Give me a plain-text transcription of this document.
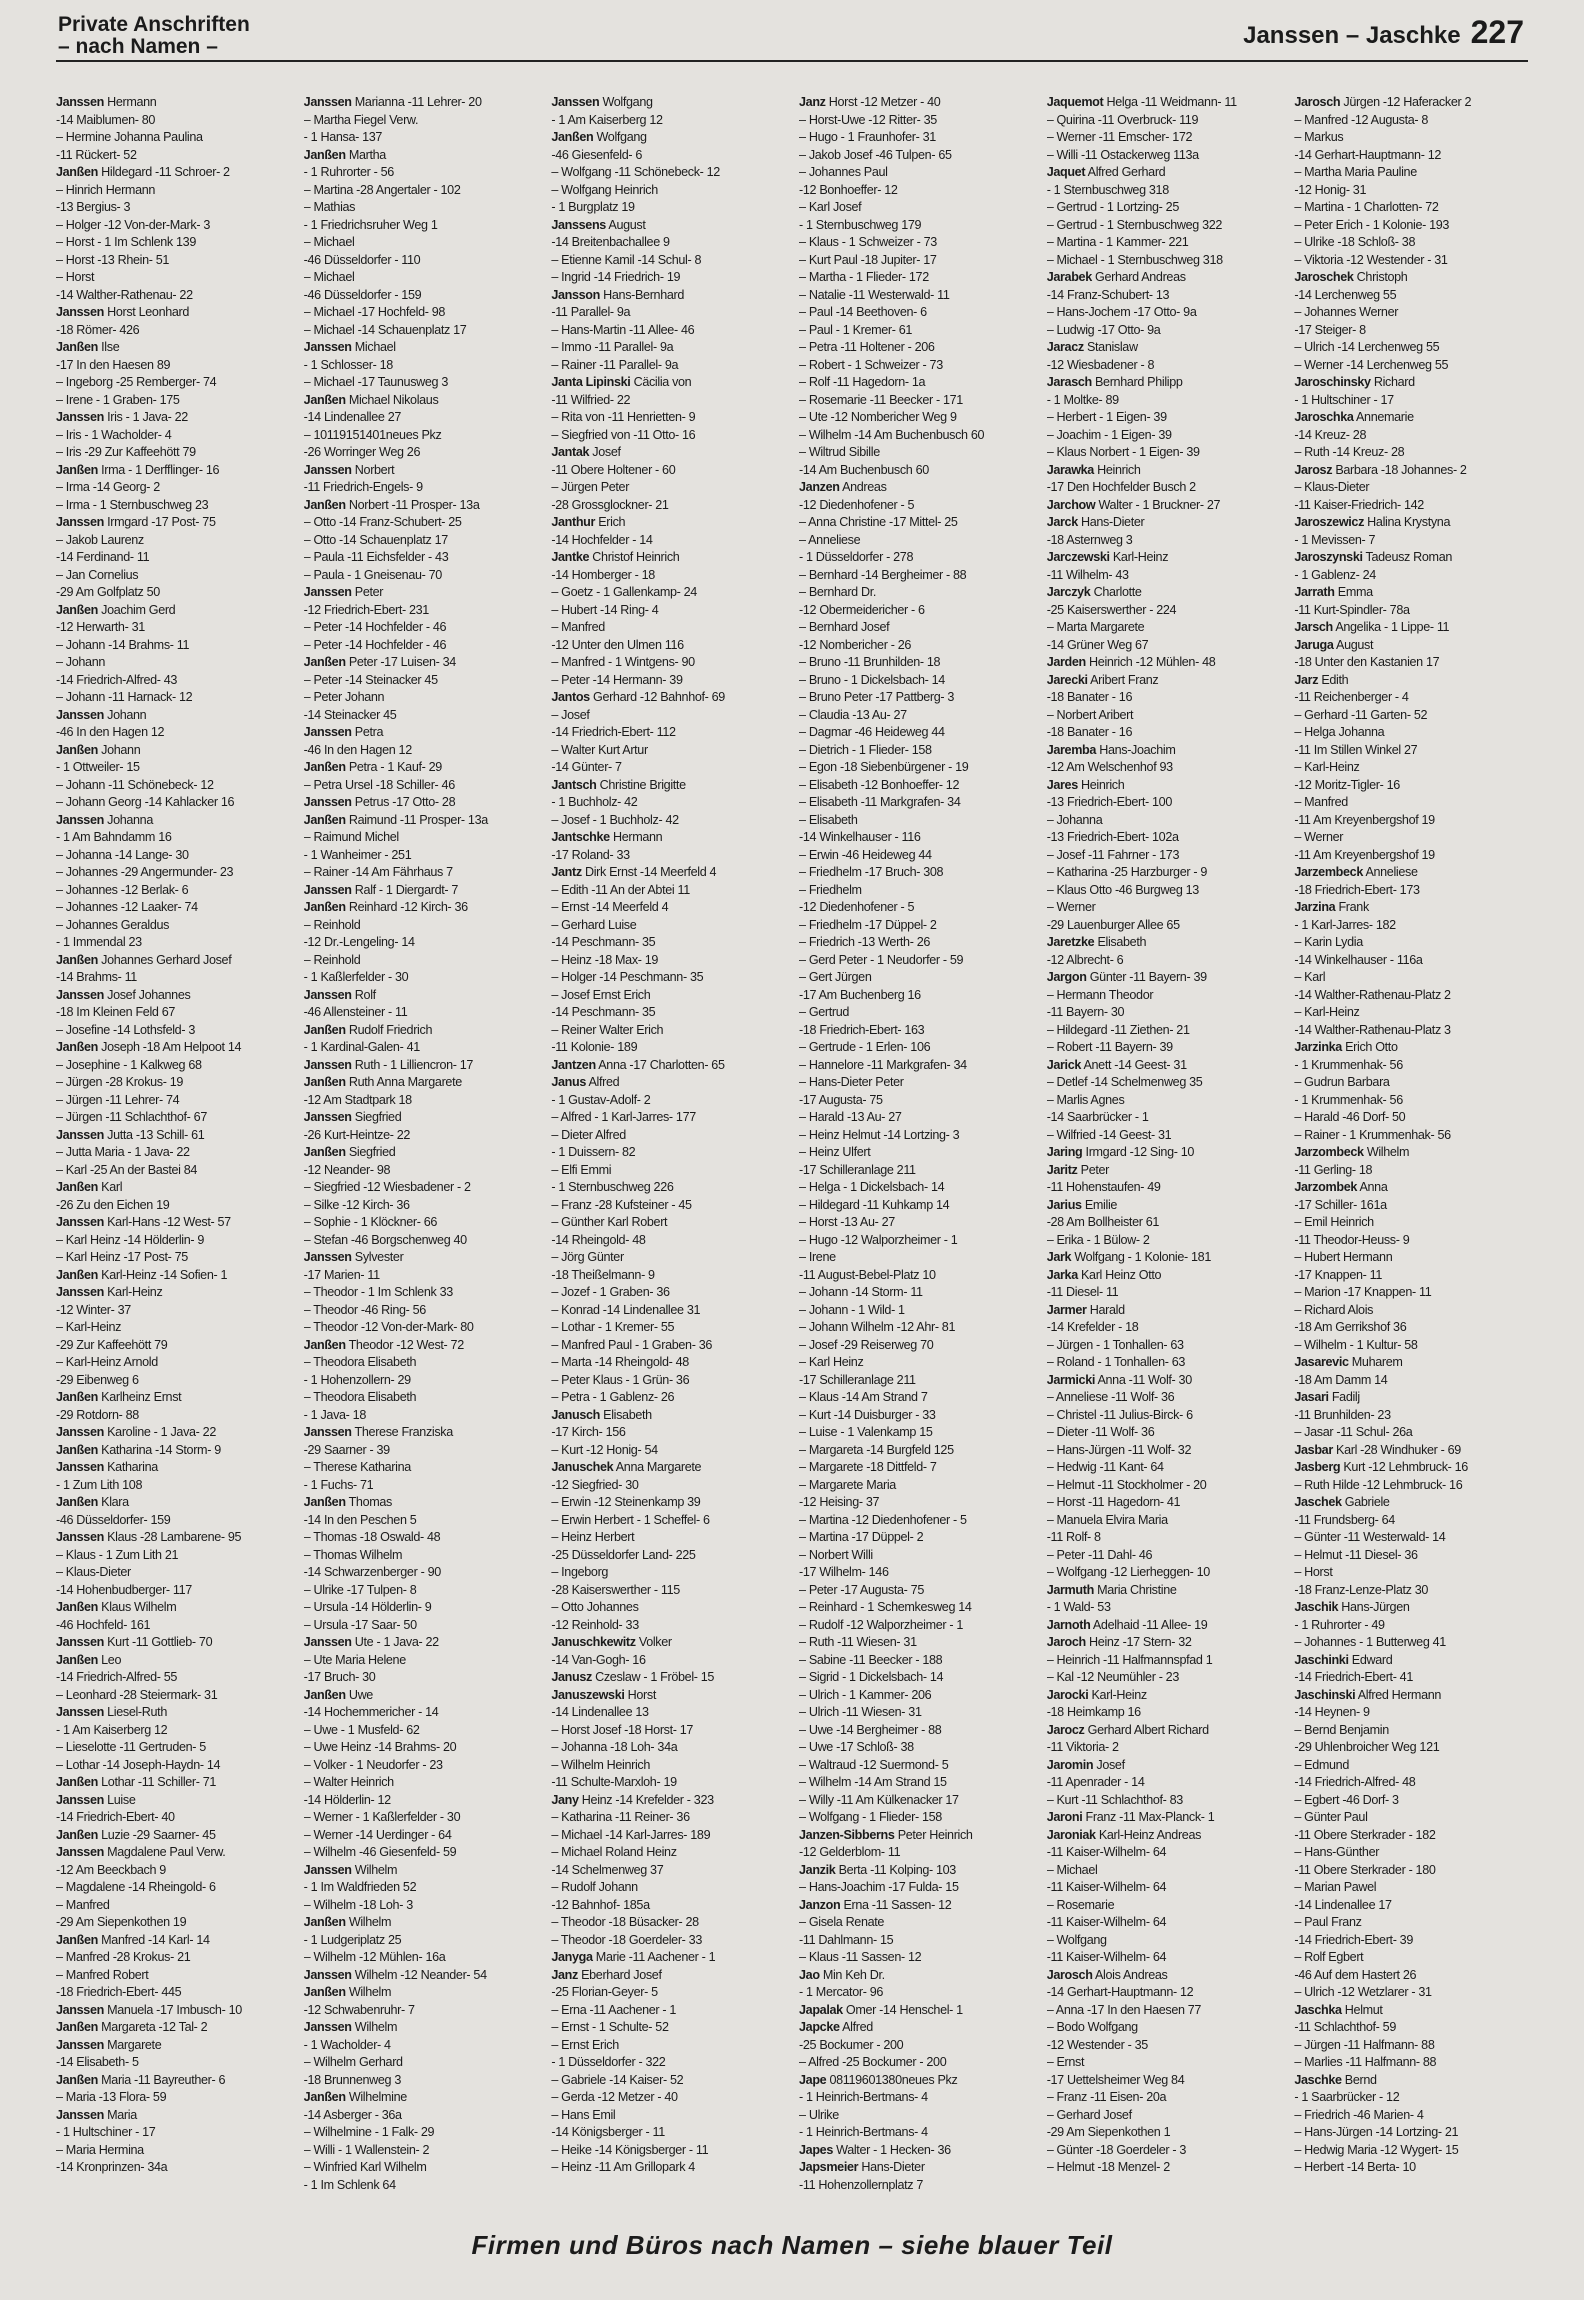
Private Anschriften
– nach Namen –	Janssen – Jaschke 227
Janssen Hermann
-14 Maiblumen- 80
– Hermine Johanna Paulina
-11 Rückert- 52
Janßen Hildegard -11 Schroer- 2
– Hinrich Hermann
-13 Bergius- 3
– Holger -12 Von-der-Mark- 3
– Horst - 1 Im Schlenk 139
– Horst -13 Rhein- 51
– Horst
-14 Walther-Rathenau- 22
Janssen Horst Leonhard
-18 Römer- 426
Janßen Ilse
-17 In den Haesen 89
– Ingeborg -25 Remberger- 74
– Irene - 1 Graben- 175
Janssen Iris - 1 Java- 22
– Iris - 1 Wacholder- 4
– Iris -29 Zur Kaffeehött 79
Janßen Irma - 1 Derfflinger- 16
– Irma -14 Georg- 2
– Irma - 1 Sternbuschweg 23
Janssen Irmgard -17 Post- 75
– Jakob Laurenz
-14 Ferdinand- 11
– Jan Cornelius
-29 Am Golfplatz 50
Janßen Joachim Gerd
-12 Herwarth- 31
– Johann -14 Brahms- 11
– Johann
-14 Friedrich-Alfred- 43
– Johann -11 Harnack- 12
Janssen Johann
-46 In den Hagen 12
Janßen Johann
- 1 Ottweiler- 15
– Johann -11 Schönebeck- 12
– Johann Georg -14 Kahlacker 16
Janssen Johanna
- 1 Am Bahndamm 16
– Johanna -14 Lange- 30
– Johannes -29 Angermunder- 23
– Johannes -12 Berlak- 6
– Johannes -12 Laaker- 74
– Johannes Geraldus
- 1 Immendal 23
Janßen Johannes Gerhard Josef
-14 Brahms- 11
Janssen Josef Johannes
-18 Im Kleinen Feld 67
– Josefine -14 Lothsfeld- 3
Janßen Joseph -18 Am Helpoot 14
– Josephine - 1 Kalkweg 68
– Jürgen -28 Krokus- 19
– Jürgen -11 Lehrer- 74
– Jürgen -11 Schlachthof- 67
Janssen Jutta -13 Schill- 61
– Jutta Maria - 1 Java- 22
– Karl -25 An der Bastei 84
Janßen Karl
-26 Zu den Eichen 19
Janssen Karl-Hans -12 West- 57
– Karl Heinz -14 Hölderlin- 9
– Karl Heinz -17 Post- 75
Janßen Karl-Heinz -14 Sofien- 1
Janssen Karl-Heinz
-12 Winter- 37
– Karl-Heinz
-29 Zur Kaffeehött 79
– Karl-Heinz Arnold
-29 Eibenweg 6
Janßen Karlheinz Ernst
-29 Rotdorn- 88
Janssen Karoline - 1 Java- 22
Janßen Katharina -14 Storm- 9
Janssen Katharina
- 1 Zum Lith 108
Janßen Klara
-46 Düsseldorfer- 159
Janssen Klaus -28 Lambarene- 95
– Klaus - 1 Zum Lith 21
– Klaus-Dieter
-14 Hohenbudberger- 117
Janßen Klaus Wilhelm
-46 Hochfeld- 161
Janssen Kurt -11 Gottlieb- 70
Janßen Leo
-14 Friedrich-Alfred- 55
– Leonhard -28 Steiermark- 31
Janssen Liesel-Ruth
- 1 Am Kaiserberg 12
– Lieselotte -11 Gertruden- 5
– Lothar -14 Joseph-Haydn- 14
Janßen Lothar -11 Schiller- 71
Janssen Luise
-14 Friedrich-Ebert- 40
Janßen Luzie -29 Saarner- 45
Janssen Magdalene Paul Verw.
-12 Am Beeckbach 9
– Magdalene -14 Rheingold- 6
– Manfred
-29 Am Siepenkothen 19
Janßen Manfred -14 Karl- 14
– Manfred -28 Krokus- 21
– Manfred Robert
-18 Friedrich-Ebert- 445
Janssen Manuela -17 Imbusch- 10
Janßen Margareta -12 Tal- 2
Janssen Margarete
-14 Elisabeth- 5
Janßen Maria -11 Bayreuther- 6
– Maria -13 Flora- 59
Janssen Maria
- 1 Hultschiner - 17
– Maria Hermina
-14 Kronprinzen- 34a
Janssen Marianna -11 Lehrer- 20
– Martha Fiegel Verw.
- 1 Hansa- 137
Janßen Martha
- 1 Ruhrorter - 56
– Martina -28 Angertaler - 102
– Mathias
- 1 Friedrichsruher Weg 1
– Michael
-46 Düsseldorfer - 110
– Michael
-46 Düsseldorfer - 159
– Michael -17 Hochfeld- 98
– Michael -14 Schauenplatz 17
Janssen Michael
- 1 Schlosser- 18
– Michael -17 Taunusweg 3
Janßen Michael Nikolaus
-14 Lindenallee 27
– 10119151401neues Pkz
-26 Worringer Weg 26
Janssen Norbert
-11 Friedrich-Engels- 9
Janßen Norbert -11 Prosper- 13a
– Otto -14 Franz-Schubert- 25
– Otto -14 Schauenplatz 17
– Paula -11 Eichsfelder - 43
– Paula - 1 Gneisenau- 70
Janssen Peter
-12 Friedrich-Ebert- 231
– Peter -14 Hochfelder - 46
– Peter -14 Hochfelder - 46
Janßen Peter -17 Luisen- 34
– Peter -14 Steinacker 45
– Peter Johann
-14 Steinacker 45
Janssen Petra
-46 In den Hagen 12
Janßen Petra - 1 Kauf- 29
– Petra Ursel -18 Schiller- 46
Janssen Petrus -17 Otto- 28
Janßen Raimund -11 Prosper- 13a
– Raimund Michel
- 1 Wanheimer - 251
– Rainer -14 Am Fährhaus 7
Janssen Ralf - 1 Diergardt- 7
Janßen Reinhard -12 Kirch- 36
– Reinhold
-12 Dr.-Lengeling- 14
– Reinhold
- 1 Kaßlerfelder - 30
Janssen Rolf
-46 Allensteiner - 11
Janßen Rudolf Friedrich
- 1 Kardinal-Galen- 41
Janssen Ruth - 1 Lilliencron- 17
Janßen Ruth Anna Margarete
-12 Am Stadtpark 18
Janssen Siegfried
-26 Kurt-Heintze- 22
Janßen Siegfried
-12 Neander- 98
– Siegfried -12 Wiesbadener - 2
– Silke -12 Kirch- 36
– Sophie - 1 Klöckner- 66
– Stefan -46 Borgschenweg 40
Janssen Sylvester
-17 Marien- 11
– Theodor - 1 Im Schlenk 33
– Theodor -46 Ring- 56
– Theodor -12 Von-der-Mark- 80
Janßen Theodor -12 West- 72
– Theodora Elisabeth
- 1 Hohenzollern- 29
– Theodora Elisabeth
- 1 Java- 18
Janssen Therese Franziska
-29 Saarner - 39
– Therese Katharina
- 1 Fuchs- 71
Janßen Thomas
-14 In den Peschen 5
– Thomas -18 Oswald- 48
– Thomas Wilhelm
-14 Schwarzenberger - 90
– Ulrike -17 Tulpen- 8
– Ursula -14 Hölderlin- 9
– Ursula -17 Saar- 50
Janssen Ute - 1 Java- 22
– Ute Maria Helene
-17 Bruch- 30
Janßen Uwe
-14 Hochemmericher - 14
– Uwe - 1 Musfeld- 62
– Uwe Heinz -14 Brahms- 20
– Volker - 1 Neudorfer - 23
– Walter Heinrich
-14 Hölderlin- 12
– Werner - 1 Kaßlerfelder - 30
– Werner -14 Uerdinger - 64
– Wilhelm -46 Giesenfeld- 59
Janssen Wilhelm
- 1 Im Waldfrieden 52
– Wilhelm -18 Loh- 3
Janßen Wilhelm
- 1 Ludgeriplatz 25
– Wilhelm -12 Mühlen- 16a
Janssen Wilhelm -12 Neander- 54
Janßen Wilhelm
-12 Schwabenruhr- 7
Janssen Wilhelm
- 1 Wacholder- 4
– Wilhelm Gerhard
-18 Brunnenweg 3
Janßen Wilhelmine
-14 Asberger - 36a
– Wilhelmine - 1 Falk- 29
– Willi - 1 Wallenstein- 2
– Winfried Karl Wilhelm
- 1 Im Schlenk 64
Janssen Wolfgang
- 1 Am Kaiserberg 12
Janßen Wolfgang
-46 Giesenfeld- 6
– Wolfgang -11 Schönebeck- 12
– Wolfgang Heinrich
- 1 Burgplatz 19
Janssens August
-14 Breitenbachallee 9
– Etienne Kamil -14 Schul- 8
– Ingrid -14 Friedrich- 19
Jansson Hans-Bernhard
-11 Parallel- 9a
– Hans-Martin -11 Allee- 46
– Immo -11 Parallel- 9a
– Rainer -11 Parallel- 9a
Janta Lipinski Cäcilia von
-11 Wilfried- 22
– Rita von -11 Henrietten- 9
– Siegfried von -11 Otto- 16
Jantak Josef
-11 Obere Holtener - 60
– Jürgen Peter
-28 Grossglockner- 21
Janthur Erich
-14 Hochfelder - 14
Jantke Christof Heinrich
-14 Homberger - 18
– Goetz - 1 Gallenkamp- 24
– Hubert -14 Ring- 4
– Manfred
-12 Unter den Ulmen 116
– Manfred - 1 Wintgens- 90
– Peter -14 Hermann- 39
Jantos Gerhard -12 Bahnhof- 69
– Josef
-14 Friedrich-Ebert- 112
– Walter Kurt Artur
-14 Günter- 7
Jantsch Christine Brigitte
- 1 Buchholz- 42
– Josef - 1 Buchholz- 42
Jantschke Hermann
-17 Roland- 33
Jantz Dirk Ernst -14 Meerfeld 4
– Edith -11 An der Abtei 11
– Ernst -14 Meerfeld 4
– Gerhard Luise
-14 Peschmann- 35
– Heinz -18 Max- 19
– Holger -14 Peschmann- 35
– Josef Ernst Erich
-14 Peschmann- 35
– Reiner Walter Erich
-11 Kolonie- 189
Jantzen Anna -17 Charlotten- 65
Janus Alfred
- 1 Gustav-Adolf- 2
– Alfred - 1 Karl-Jarres- 177
– Dieter Alfred
- 1 Duissern- 82
– Elfi Emmi
- 1 Sternbuschweg 226
– Franz -28 Kufsteiner - 45
– Günther Karl Robert
-14 Rheingold- 48
– Jörg Günter
-18 Theißelmann- 9
– Jozef - 1 Graben- 36
– Konrad -14 Lindenallee 31
– Lothar - 1 Kremer- 55
– Manfred Paul - 1 Graben- 36
– Marta -14 Rheingold- 48
– Peter Klaus - 1 Grün- 36
– Petra - 1 Gablenz- 26
Janusch Elisabeth
-17 Kirch- 156
– Kurt -12 Honig- 54
Januschek Anna Margarete
-12 Siegfried- 30
– Erwin -12 Steinenkamp 39
– Erwin Herbert - 1 Scheffel- 6
– Heinz Herbert
-25 Düsseldorfer Land- 225
– Ingeborg
-28 Kaiserswerther - 115
– Otto Johannes
-12 Reinhold- 33
Januschkewitz Volker
-14 Van-Gogh- 16
Janusz Czeslaw - 1 Fröbel- 15
Januszewski Horst
-14 Lindenallee 13
– Horst Josef -18 Horst- 17
– Johanna -18 Loh- 34a
– Wilhelm Heinrich
-11 Schulte-Marxloh- 19
Jany Heinz -14 Krefelder - 323
– Katharina -11 Reiner- 36
– Michael -14 Karl-Jarres- 189
– Michael Roland Heinz
-14 Schelmenweg 37
– Rudolf Johann
-12 Bahnhof- 185a
– Theodor -18 Büsacker- 28
– Theodor -18 Goerdeler- 33
Janyga Marie -11 Aachener - 1
Janz Eberhard Josef
-25 Florian-Geyer- 5
– Erna -11 Aachener - 1
– Ernst - 1 Schulte- 52
– Ernst Erich
- 1 Düsseldorfer - 322
– Gabriele -14 Kaiser- 52
– Gerda -12 Metzer - 40
– Hans Emil
-14 Königsberger - 11
– Heike -14 Königsberger - 11
– Heinz -11 Am Grillopark 4
Janz Horst -12 Metzer - 40
– Horst-Uwe -12 Ritter- 35
– Hugo - 1 Fraunhofer- 31
– Jakob Josef -46 Tulpen- 65
– Johannes Paul
-12 Bonhoeffer- 12
– Karl Josef
- 1 Sternbuschweg 179
– Klaus - 1 Schweizer - 73
– Kurt Paul -18 Jupiter- 17
– Martha - 1 Flieder- 172
– Natalie -11 Westerwald- 11
– Paul -14 Beethoven- 6
– Paul - 1 Kremer- 61
– Petra -11 Holtener - 206
– Robert - 1 Schweizer - 73
– Rolf -11 Hagedorn- 1a
– Rosemarie -11 Beecker - 171
– Ute -12 Nombericher Weg 9
– Wilhelm -14 Am Buchenbusch 60
– Wiltrud Sibille
-14 Am Buchenbusch 60
Janzen Andreas
-12 Diedenhofener - 5
– Anna Christine -17 Mittel- 25
– Anneliese
- 1 Düsseldorfer - 278
– Bernhard -14 Bergheimer - 88
– Bernhard Dr.
-12 Obermeidericher - 6
– Bernhard Josef
-12 Nombericher - 26
– Bruno -11 Brunhilden- 18
– Bruno - 1 Dickelsbach- 14
– Bruno Peter -17 Pattberg- 3
– Claudia -13 Au- 27
– Dagmar -46 Heideweg 44
– Dietrich - 1 Flieder- 158
– Egon -18 Siebenbürgener - 19
– Elisabeth -12 Bonhoeffer- 12
– Elisabeth -11 Markgrafen- 34
– Elisabeth
-14 Winkelhauser - 116
– Erwin -46 Heideweg 44
– Friedhelm -17 Bruch- 308
– Friedhelm
-12 Diedenhofener - 5
– Friedhelm -17 Düppel- 2
– Friedrich -13 Werth- 26
– Gerd Peter - 1 Neudorfer - 59
– Gert Jürgen
-17 Am Buchenberg 16
– Gertrud
-18 Friedrich-Ebert- 163
– Gertrude - 1 Erlen- 106
– Hannelore -11 Markgrafen- 34
– Hans-Dieter Peter
-17 Augusta- 75
– Harald -13 Au- 27
– Heinz Helmut -14 Lortzing- 3
– Heinz Ulfert
-17 Schilleranlage 211
– Helga - 1 Dickelsbach- 14
– Hildegard -11 Kuhkamp 14
– Horst -13 Au- 27
– Hugo -12 Walporzheimer - 1
– Irene
-11 August-Bebel-Platz 10
– Johann -14 Storm- 11
– Johann - 1 Wild- 1
– Johann Wilhelm -12 Ahr- 81
– Josef -29 Reiserweg 70
– Karl Heinz
-17 Schilleranlage 211
– Klaus -14 Am Strand 7
– Kurt -14 Duisburger - 33
– Luise - 1 Valenkamp 15
– Margareta -14 Burgfeld 125
– Margarete -18 Dittfeld- 7
– Margarete Maria
-12 Heising- 37
– Martina -12 Diedenhofener - 5
– Martina -17 Düppel- 2
– Norbert Willi
-17 Wilhelm- 146
– Peter -17 Augusta- 75
– Reinhard - 1 Schemkesweg 14
– Rudolf -12 Walporzheimer - 1
– Ruth -11 Wiesen- 31
– Sabine -11 Beecker - 188
– Sigrid - 1 Dickelsbach- 14
– Ulrich - 1 Kammer- 206
– Ulrich -11 Wiesen- 31
– Uwe -14 Bergheimer - 88
– Uwe -17 Schloß- 38
– Waltraud -12 Suermond- 5
– Wilhelm -14 Am Strand 15
– Willy -11 Am Külkenacker 17
– Wolfgang - 1 Flieder- 158
Janzen-Sibberns Peter Heinrich
-12 Gelderblom- 11
Janzik Berta -11 Kolping- 103
– Hans-Joachim -17 Fulda- 15
Janzon Erna -11 Sassen- 12
– Gisela Renate
-11 Dahlmann- 15
– Klaus -11 Sassen- 12
Jao Min Keh Dr.
- 1 Mercator- 96
Japalak Omer -14 Henschel- 1
Japcke Alfred
-25 Bockumer - 200
– Alfred -25 Bockumer - 200
Jape 08119601380neues Pkz
- 1 Heinrich-Bertmans- 4
– Ulrike
- 1 Heinrich-Bertmans- 4
Japes Walter - 1 Hecken- 36
Japsmeier Hans-Dieter
-11 Hohenzollernplatz 7
Jaquemot Helga -11 Weidmann- 11
– Quirina -11 Overbruck- 119
– Werner -11 Emscher- 172
– Willi -11 Ostackerweg 113a
Jaquet Alfred Gerhard
- 1 Sternbuschweg 318
– Gertrud - 1 Lortzing- 25
– Gertrud - 1 Sternbuschweg 322
– Martina - 1 Kammer- 221
– Michael - 1 Sternbuschweg 318
Jarabek Gerhard Andreas
-14 Franz-Schubert- 13
– Hans-Jochem -17 Otto- 9a
– Ludwig -17 Otto- 9a
Jaracz Stanislaw
-12 Wiesbadener - 8
Jarasch Bernhard Philipp
- 1 Moltke- 89
– Herbert - 1 Eigen- 39
– Joachim - 1 Eigen- 39
– Klaus Norbert - 1 Eigen- 39
Jarawka Heinrich
-17 Den Hochfelder Busch 2
Jarchow Walter - 1 Bruckner- 27
Jarck Hans-Dieter
-18 Asternweg 3
Jarczewski Karl-Heinz
-11 Wilhelm- 43
Jarczyk Charlotte
-25 Kaiserswerther - 224
– Marta Margarete
-14 Grüner Weg 67
Jarden Heinrich -12 Mühlen- 48
Jarecki Aribert Franz
-18 Banater - 16
– Norbert Aribert
-18 Banater - 16
Jaremba Hans-Joachim
-12 Am Welschenhof 93
Jares Heinrich
-13 Friedrich-Ebert- 100
– Johanna
-13 Friedrich-Ebert- 102a
– Josef -11 Fahrner - 173
– Katharina -25 Harzburger - 9
– Klaus Otto -46 Burgweg 13
– Werner
-29 Lauenburger Allee 65
Jaretzke Elisabeth
-12 Albrecht- 6
Jargon Günter -11 Bayern- 39
– Hermann Theodor
-11 Bayern- 30
– Hildegard -11 Ziethen- 21
– Robert -11 Bayern- 39
Jarick Anett -14 Geest- 31
– Detlef -14 Schelmenweg 35
– Marlis Agnes
-14 Saarbrücker - 1
– Wilfried -14 Geest- 31
Jaring Irmgard -12 Sing- 10
Jaritz Peter
-11 Hohenstaufen- 49
Jarius Emilie
-28 Am Bollheister 61
– Erika - 1 Bülow- 2
Jark Wolfgang - 1 Kolonie- 181
Jarka Karl Heinz Otto
-11 Diesel- 11
Jarmer Harald
-14 Krefelder - 18
– Jürgen - 1 Tonhallen- 63
– Roland - 1 Tonhallen- 63
Jarmicki Anna -11 Wolf- 30
– Anneliese -11 Wolf- 36
– Christel -11 Julius-Birck- 6
– Dieter -11 Wolf- 36
– Hans-Jürgen -11 Wolf- 32
– Hedwig -11 Kant- 64
– Helmut -11 Stockholmer - 20
– Horst -11 Hagedorn- 41
– Manuela Elvira Maria
-11 Rolf- 8
– Peter -11 Dahl- 46
– Wolfgang -12 Lierheggen- 10
Jarmuth Maria Christine
- 1 Wald- 53
Jarnoth Adelhaid -11 Allee- 19
Jaroch Heinz -17 Stern- 32
– Heinrich -11 Halfmannspfad 1
– Kal -12 Neumühler - 23
Jarocki Karl-Heinz
-18 Heimkamp 16
Jarocz Gerhard Albert Richard
-11 Viktoria- 2
Jaromin Josef
-11 Apenrader - 14
– Kurt -11 Schlachthof- 83
Jaroni Franz -11 Max-Planck- 1
Jaroniak Karl-Heinz Andreas
-11 Kaiser-Wilhelm- 64
– Michael
-11 Kaiser-Wilhelm- 64
– Rosemarie
-11 Kaiser-Wilhelm- 64
– Wolfgang
-11 Kaiser-Wilhelm- 64
Jarosch Alois Andreas
-14 Gerhart-Hauptmann- 12
– Anna -17 In den Haesen 77
– Bodo Wolfgang
-12 Westender - 35
– Ernst
-17 Uettelsheimer Weg 84
– Franz -11 Eisen- 20a
– Gerhard Josef
-29 Am Siepenkothen 1
– Günter -18 Goerdeler - 3
– Helmut -18 Menzel- 2
Jarosch Jürgen -12 Haferacker 2
– Manfred -12 Augusta- 8
– Markus
-14 Gerhart-Hauptmann- 12
– Martha Maria Pauline
-12 Honig- 31
– Martina - 1 Charlotten- 72
– Peter Erich - 1 Kolonie- 193
– Ulrike -18 Schloß- 38
– Viktoria -12 Westender - 31
Jaroschek Christoph
-14 Lerchenweg 55
– Johannes Werner
-17 Steiger- 8
– Ulrich -14 Lerchenweg 55
– Werner -14 Lerchenweg 55
Jaroschinsky Richard
- 1 Hultschiner - 17
Jaroschka Annemarie
-14 Kreuz- 28
– Ruth -14 Kreuz- 28
Jarosz Barbara -18 Johannes- 2
– Klaus-Dieter
-11 Kaiser-Friedrich- 142
Jaroszewicz Halina Krystyna
- 1 Mevissen- 7
Jaroszynski Tadeusz Roman
- 1 Gablenz- 24
Jarrath Emma
-11 Kurt-Spindler- 78a
Jarsch Angelika - 1 Lippe- 11
Jaruga August
-18 Unter den Kastanien 17
Jarz Edith
-11 Reichenberger - 4
– Gerhard -11 Garten- 52
– Helga Johanna
-11 Im Stillen Winkel 27
– Karl-Heinz
-12 Moritz-Tigler- 16
– Manfred
-11 Am Kreyenbergshof 19
– Werner
-11 Am Kreyenbergshof 19
Jarzembeck Anneliese
-18 Friedrich-Ebert- 173
Jarzina Frank
- 1 Karl-Jarres- 182
– Karin Lydia
-14 Winkelhauser - 116a
– Karl
-14 Walther-Rathenau-Platz 2
– Karl-Heinz
-14 Walther-Rathenau-Platz 3
Jarzinka Erich Otto
- 1 Krummenhak- 56
– Gudrun Barbara
- 1 Krummenhak- 56
– Harald -46 Dorf- 50
– Rainer - 1 Krummenhak- 56
Jarzombeck Wilhelm
-11 Gerling- 18
Jarzombek Anna
-17 Schiller- 161a
– Emil Heinrich
-11 Theodor-Heuss- 9
– Hubert Hermann
-17 Knappen- 11
– Marion -17 Knappen- 11
– Richard Alois
-18 Am Gerrikshof 36
– Wilhelm - 1 Kultur- 58
Jasarevic Muharem
-18 Am Damm 14
Jasari Fadilj
-11 Brunhilden- 23
– Jasar -11 Schul- 26a
Jasbar Karl -28 Windhuker - 69
Jasberg Kurt -12 Lehmbruck- 16
– Ruth Hilde -12 Lehmbruck- 16
Jaschek Gabriele
-11 Frundsberg- 64
– Günter -11 Westerwald- 14
– Helmut -11 Diesel- 36
– Horst
-18 Franz-Lenze-Platz 30
Jaschik Hans-Jürgen
- 1 Ruhrorter - 49
– Johannes - 1 Butterweg 41
Jaschinki Edward
-14 Friedrich-Ebert- 41
Jaschinski Alfred Hermann
-14 Heynen- 9
– Bernd Benjamin
-29 Uhlenbroicher Weg 121
– Edmund
-14 Friedrich-Alfred- 48
– Egbert -46 Dorf- 3
– Günter Paul
-11 Obere Sterkrader - 182
– Hans-Günther
-11 Obere Sterkrader - 180
– Marian Pawel
-14 Lindenallee 17
– Paul Franz
-14 Friedrich-Ebert- 39
– Rolf Egbert
-46 Auf dem Hastert 26
– Ulrich -12 Wetzlarer - 31
Jaschka Helmut
-11 Schlachthof- 59
– Jürgen -11 Halfmann- 88
– Marlies -11 Halfmann- 88
Jaschke Bernd
- 1 Saarbrücker - 12
– Friedrich -46 Marien- 4
– Hans-Jürgen -14 Lortzing- 21
– Hedwig Maria -12 Wygert- 15
– Herbert -14 Berta- 10
Firmen und Büros nach Namen – siehe blauer Teil
